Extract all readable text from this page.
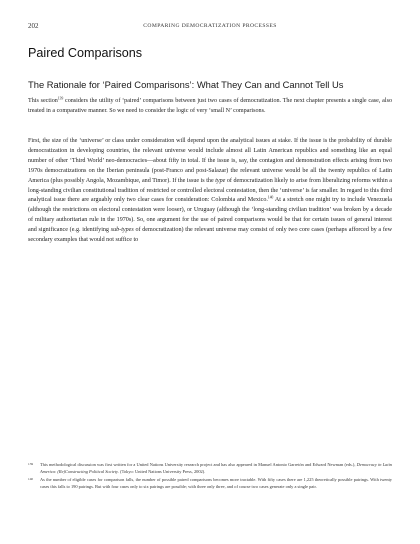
202	COMPARING DEMOCRATIZATION PROCESSES
Paired Comparisons
The Rationale for ‘Paired Comparisons’: What They Can and Cannot Tell Us

This section$^{139}$ considers the utility of ‘paired’ comparisons between just two cases of democratization. The next chapter presents a single case, also treated in a comparative manner. So we need to consider the logic of very ‘small N’ comparisons.

First, the size of the ‘universe’ or class under consideration will depend upon the analytical issues at stake. If the issue is the probability of durable democratization in developing countries, the relevant universe would include almost all Latin American republics and something like an equal number of other ‘Third World’ neo-democracies—about fifty in total. If the issue is, say, the contagion and demonstration effects arising from two 1970s democratizations on the Iberian peninsula (post-Franco and post-Salazar) the relevant universe would be all the twenty republics of Latin America (plus possibly Angola, Mozambique, and Timor). If the issue is the type of democratization likely to arise from liberalizing reforms within a long-standing civilian constitutional tradition of restricted or controlled electoral contestation, then the ‘universe’ is far smaller. In regard to this third analytical issue there are arguably only two clear cases for consideration: Colombia and Mexico.$^{140}$ At a stretch one might try to include Venezuela (although the restrictions on electoral contestation were looser), or Uruguay (although the ‘long-standing civilian tradition’ was broken by a decade of military authoritarian rule in the 1970s). So, one argument for the use of paired comparisons would be that for certain issues of general interest and significance (e.g. identifying sub-types of democratization) the relevant universe may consist of only two core cases (perhaps afforced by a few secondary examples that would not suffice to

139 This methodological discussion was first written for a United Nations University research project and has also appeared in Manuel Antonio Garretón and Edward Newman (eds.), Democracy in Latin America: (Re)Constructing Political Society. (Tokyo: United Nations University Press, 2002).
140 As the number of eligible cases for comparison falls, the number of possible paired comparisons becomes more tractable. With fifty cases there are 1,225 theoretically possible pairings. With twenty cases this falls to 190 pairings. But with four cases only to six pairings are possible; with three only three, and of course two cases generate only a single pair.
